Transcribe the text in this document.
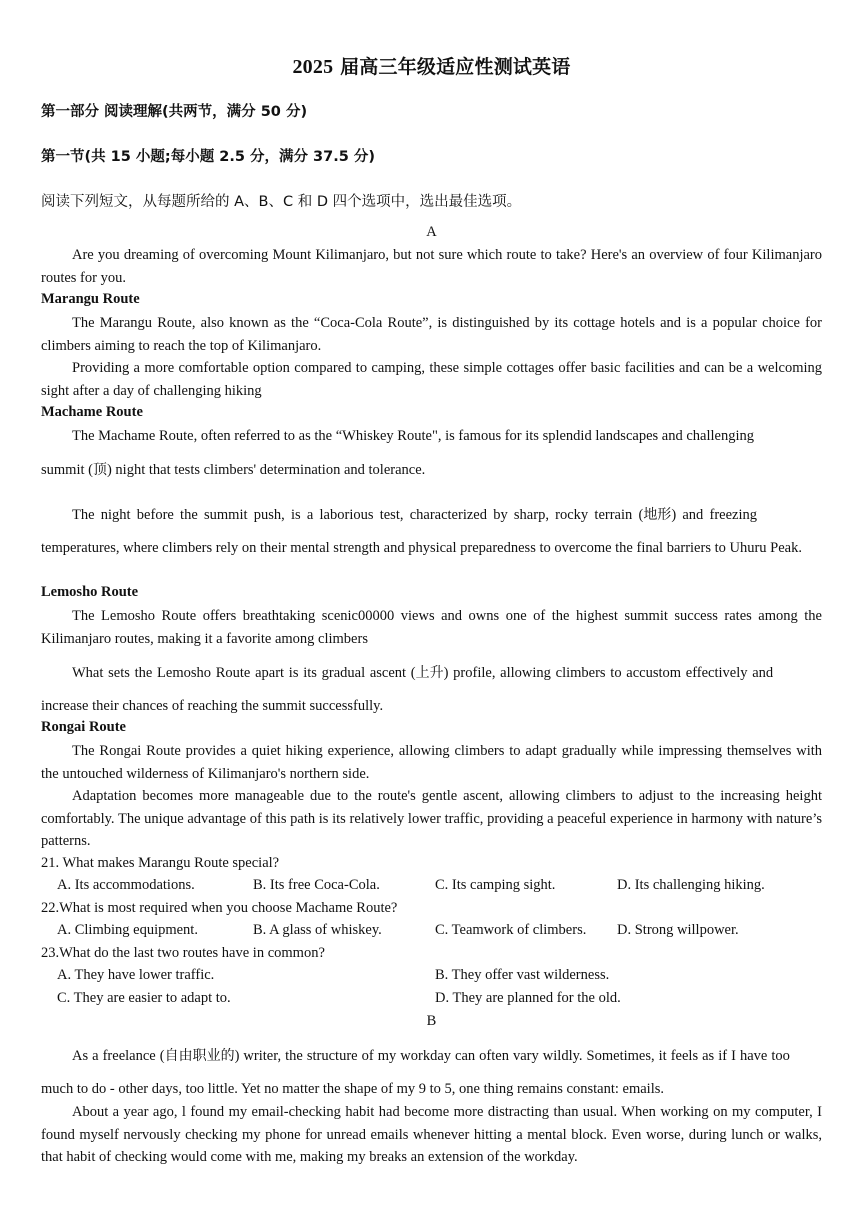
2025 届高三年级适应性测试英语
第一部分 阅读理解(共两节，满分 50 分)
第一节(共 15 小题;每小题 2.5 分，满分 37.5 分)
阅读下列短文，从每题所给的 A、B、C 和 D 四个选项中，选出最佳选项。
A
Are you dreaming of overcoming Mount Kilimanjaro, but not sure which route to take? Here's an overview of four Kilimanjaro routes for you.
Marangu Route
The Marangu Route, also known as the “Coca-Cola Route”, is distinguished by its cottage hotels and is a popular choice for climbers aiming to reach the top of Kilimanjaro.
Providing a more comfortable option compared to camping, these simple cottages offer basic facilities and can be a welcoming sight after a day of challenging hiking
Machame Route
The Machame Route, often referred to as the “Whiskey Route", is famous for its splendid landscapes and challenging
summit (顶) night that tests climbers' determination and tolerance.
The night before the summit push, is a laborious test, characterized by sharp, rocky terrain (地形) and freezing
temperatures, where climbers rely on their mental strength and physical preparedness to overcome the final barriers to Uhuru Peak.
Lemosho Route
The Lemosho Route offers breathtaking scenic00000 views and owns one of the highest summit success rates among the Kilimanjaro routes, making it a favorite among climbers
What sets the Lemosho Route apart is its gradual ascent (上升) profile, allowing climbers to accustom effectively and
increase their chances of reaching the summit successfully.
Rongai Route
The Rongai Route provides a quiet hiking experience, allowing climbers to adapt gradually while impressing themselves with the untouched wilderness of Kilimanjaro's northern side.
Adaptation becomes more manageable due to the route's gentle ascent, allowing climbers to adjust to the increasing height comfortably. The unique advantage of this path is its relatively lower traffic, providing a peaceful experience in harmony with nature’s patterns.
21. What makes Marangu Route special?
A. Its accommodations.	B. Its free Coca-Cola.	C. Its camping sight.	D. Its challenging hiking.
22.What is most required when you choose Machame Route?
A. Climbing equipment.	B. A glass of whiskey.	C. Teamwork of climbers. D. Strong willpower.
23.What do the last two routes have in common?
A. They have lower traffic.	B. They offer vast wilderness.
C. They are easier to adapt to.	D. They are planned for the old.
B
As a freelance (自由职业的) writer, the structure of my workday can often vary wildly. Sometimes, it feels as if I have too
much to do - other days, too little. Yet no matter the shape of my 9 to 5, one thing remains constant: emails.
About a year ago, l found my email-checking habit had become more distracting than usual. When working on my computer, I found myself nervously checking my phone for unread emails whenever hitting a mental block. Even worse, during lunch or walks, that habit of checking would come with me, making my breaks an extension of the workday.
